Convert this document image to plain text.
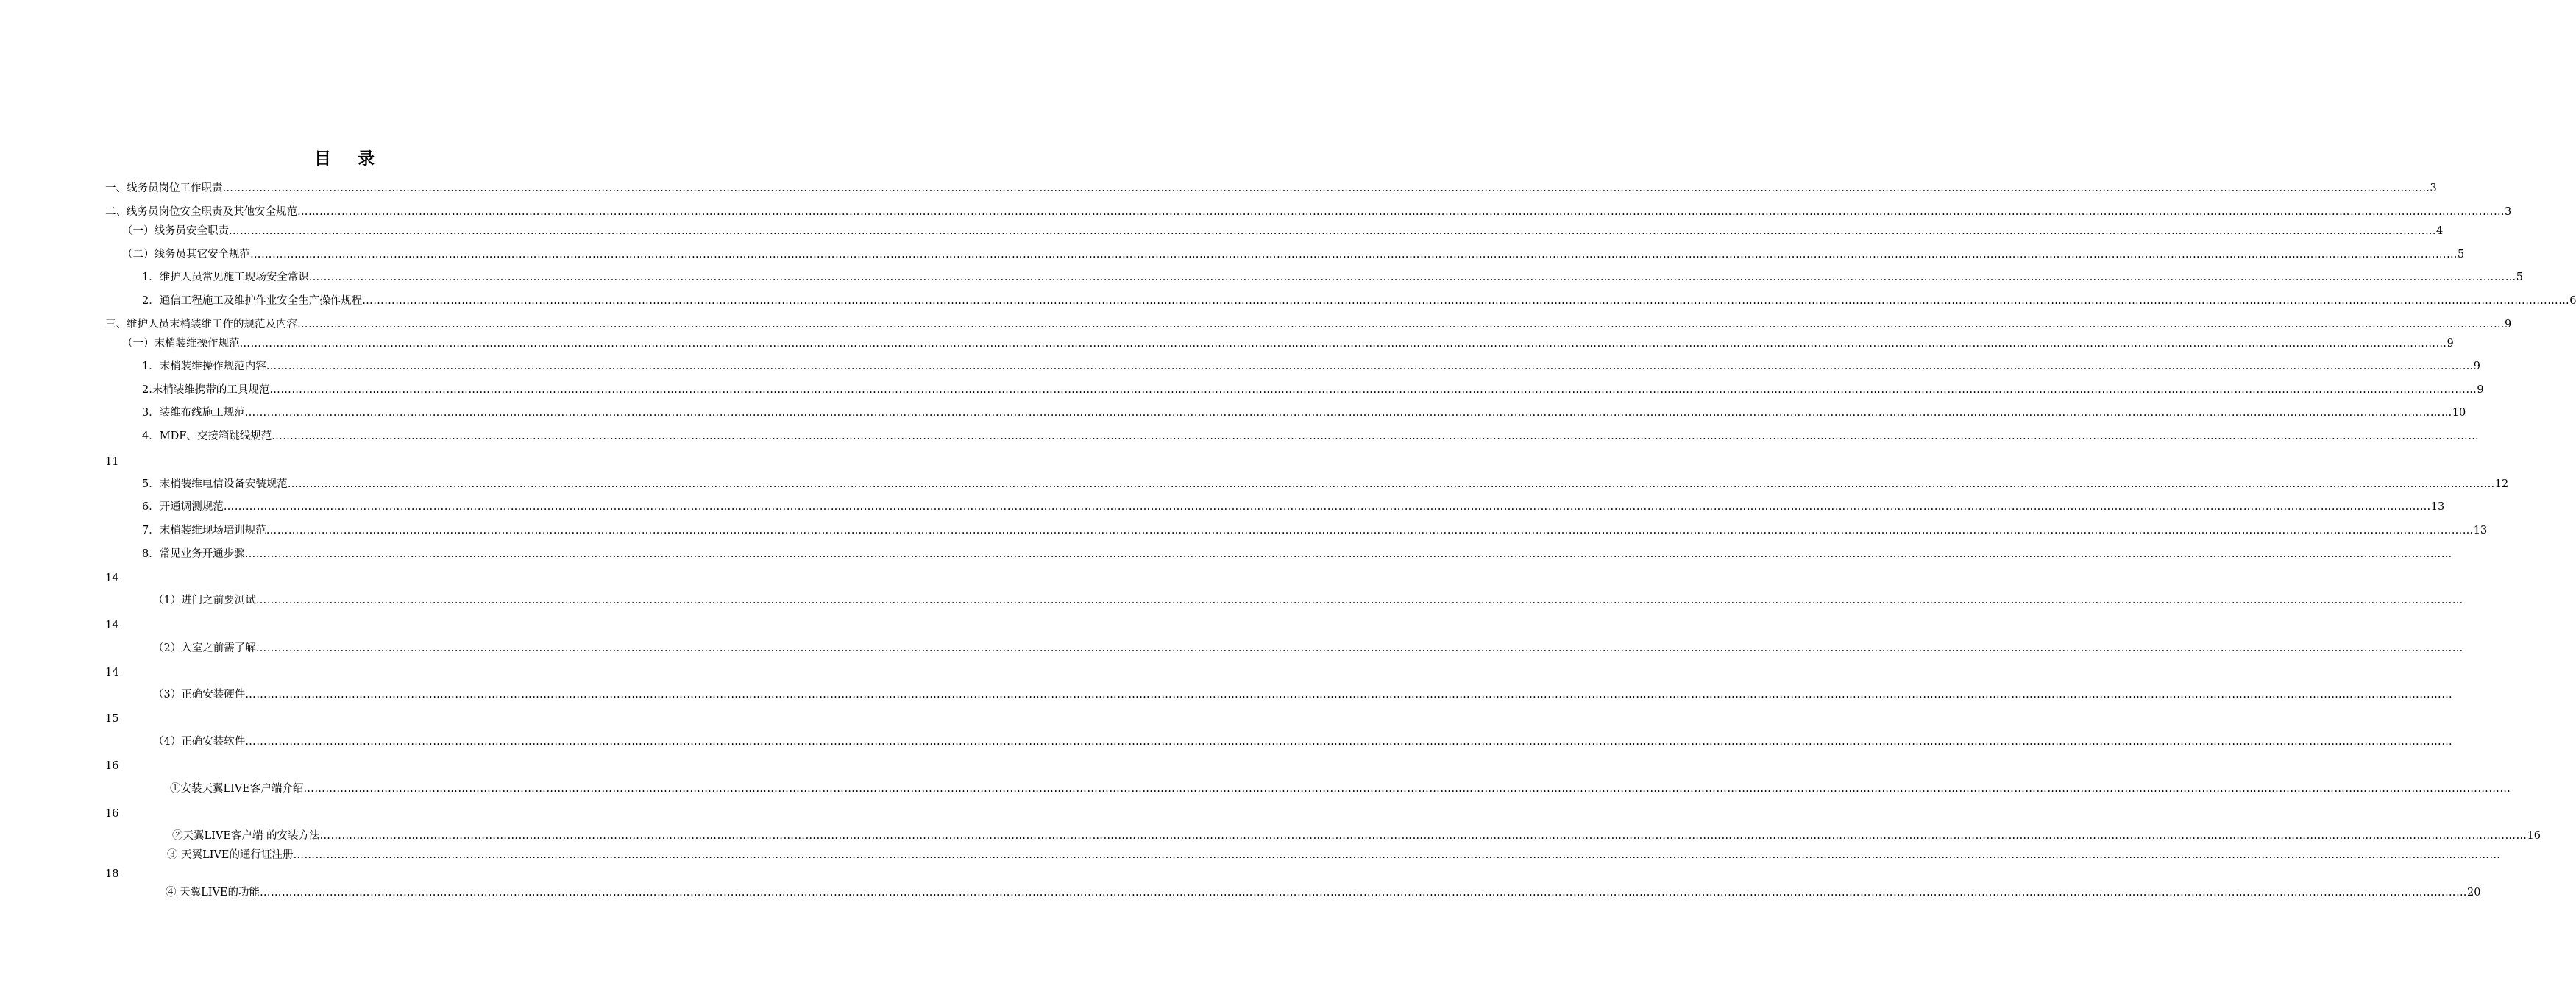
目 录
一、线务员岗位工作职责 …………………………………………………………………………………………………………………………………………………………………………………………………………………………………………………………………………………………………………………………………………………………………………………………………………………………………………………………………………………………………………………………………………………… 3
二、线务员岗位安全职责及其他安全规范 …………………………………………………………………………………………………………………………………………………………………………………………………………………………………………………………………………………………………………………………………………………………………………………………………………………………………………………………………………………………………………………………………………………… 3
（一）线务员安全职责 …………………………………………………………………………………………………………………………………………………………………………………………………………………………………………………………………………………………………………………………………………………………………………………………………………………………………………………………………………………………………………………………………………………… 4
（二）线务员其它安全规范 …………………………………………………………………………………………………………………………………………………………………………………………………………………………………………………………………………………………………………………………………………………………………………………………………………………………………………………………………………………………………………………………………………………… 5
1．维护人员常见施工现场安全常识 …………………………………………………………………………………………………………………………………………………………………………………………………………………………………………………………………………………………………………………………………………………………………………………………………………………………………………………………………………………………………………………………………………………… 5
2．通信工程施工及维护作业安全生产操作规程 …………………………………………………………………………………………………………………………………………………………………………………………………………………………………………………………………………………………………………………………………………………………………………………………………………………………………………………………………………………………………………………………………………………… 6
三、维护人员末梢装维工作的规范及内容 …………………………………………………………………………………………………………………………………………………………………………………………………………………………………………………………………………………………………………………………………………………………………………………………………………………………………………………………………………………………………………………………………………………… 9
（一）末梢装维操作规范 …………………………………………………………………………………………………………………………………………………………………………………………………………………………………………………………………………………………………………………………………………………………………………………………………………………………………………………………………………………………………………………………………………………… 9
1．末梢装维操作规范内容 …………………………………………………………………………………………………………………………………………………………………………………………………………………………………………………………………………………………………………………………………………………………………………………………………………………………………………………………………………………………………………………………………………………… 9
2.末梢装维携带的工具规范 …………………………………………………………………………………………………………………………………………………………………………………………………………………………………………………………………………………………………………………………………………………………………………………………………………………………………………………………………………………………………………………………………………………… 9
3．装维布线施工规范 …………………………………………………………………………………………………………………………………………………………………………………………………………………………………………………………………………………………………………………………………………………………………………………………………………………………………………………………………………………………………………………………………………………… 10
4．MDF、交接箱跳线规范 ……………………………………………………………………………………………………………………………………………………………………………………………………………………………………………………………………………………………………………………………………………………………………………………………………………………………………………………………………………………………………………………………………………………
11
5．末梢装维电信设备安装规范 …………………………………………………………………………………………………………………………………………………………………………………………………………………………………………………………………………………………………………………………………………………………………………………………………………………………………………………………………………………………………………………………………………………… 12
6．开通调测规范 …………………………………………………………………………………………………………………………………………………………………………………………………………………………………………………………………………………………………………………………………………………………………………………………………………………………………………………………………………………………………………………………………………………… 13
7．末梢装维现场培训规范 …………………………………………………………………………………………………………………………………………………………………………………………………………………………………………………………………………………………………………………………………………………………………………………………………………………………………………………………………………………………………………………………………………………… 13
8．常见业务开通步骤 ……………………………………………………………………………………………………………………………………………………………………………………………………………………………………………………………………………………………………………………………………………………………………………………………………………………………………………………………………………………………………………………………………………………
14
（1）进门之前要测试 ……………………………………………………………………………………………………………………………………………………………………………………………………………………………………………………………………………………………………………………………………………………………………………………………………………………………………………………………………………………………………………………………………………………
14
（2）入室之前需了解 ……………………………………………………………………………………………………………………………………………………………………………………………………………………………………………………………………………………………………………………………………………………………………………………………………………………………………………………………………………………………………………………………………………………
14
（3）正确安装硬件 ……………………………………………………………………………………………………………………………………………………………………………………………………………………………………………………………………………………………………………………………………………………………………………………………………………………………………………………………………………………………………………………………………………………
15
（4）正确安装软件 ……………………………………………………………………………………………………………………………………………………………………………………………………………………………………………………………………………………………………………………………………………………………………………………………………………………………………………………………………………………………………………………………………………………
16
①安装天翼LIVE客户端介绍 ……………………………………………………………………………………………………………………………………………………………………………………………………………………………………………………………………………………………………………………………………………………………………………………………………………………………………………………………………………………………………………………………………………………
16
②天翼LIVE客户端 的安装方法 …………………………………………………………………………………………………………………………………………………………………………………………………………………………………………………………………………………………………………………………………………………………………………………………………………………………………………………………………………………………………………………………………………………… 16
③ 天翼LIVE的通行证注册 ……………………………………………………………………………………………………………………………………………………………………………………………………………………………………………………………………………………………………………………………………………………………………………………………………………………………………………………………………………………………………………………………………………………
18
④ 天翼LIVE的功能 …………………………………………………………………………………………………………………………………………………………………………………………………………………………………………………………………………………………………………………………………………………………………………………………………………………………………………………………………………………………………………………………………………………… 20
